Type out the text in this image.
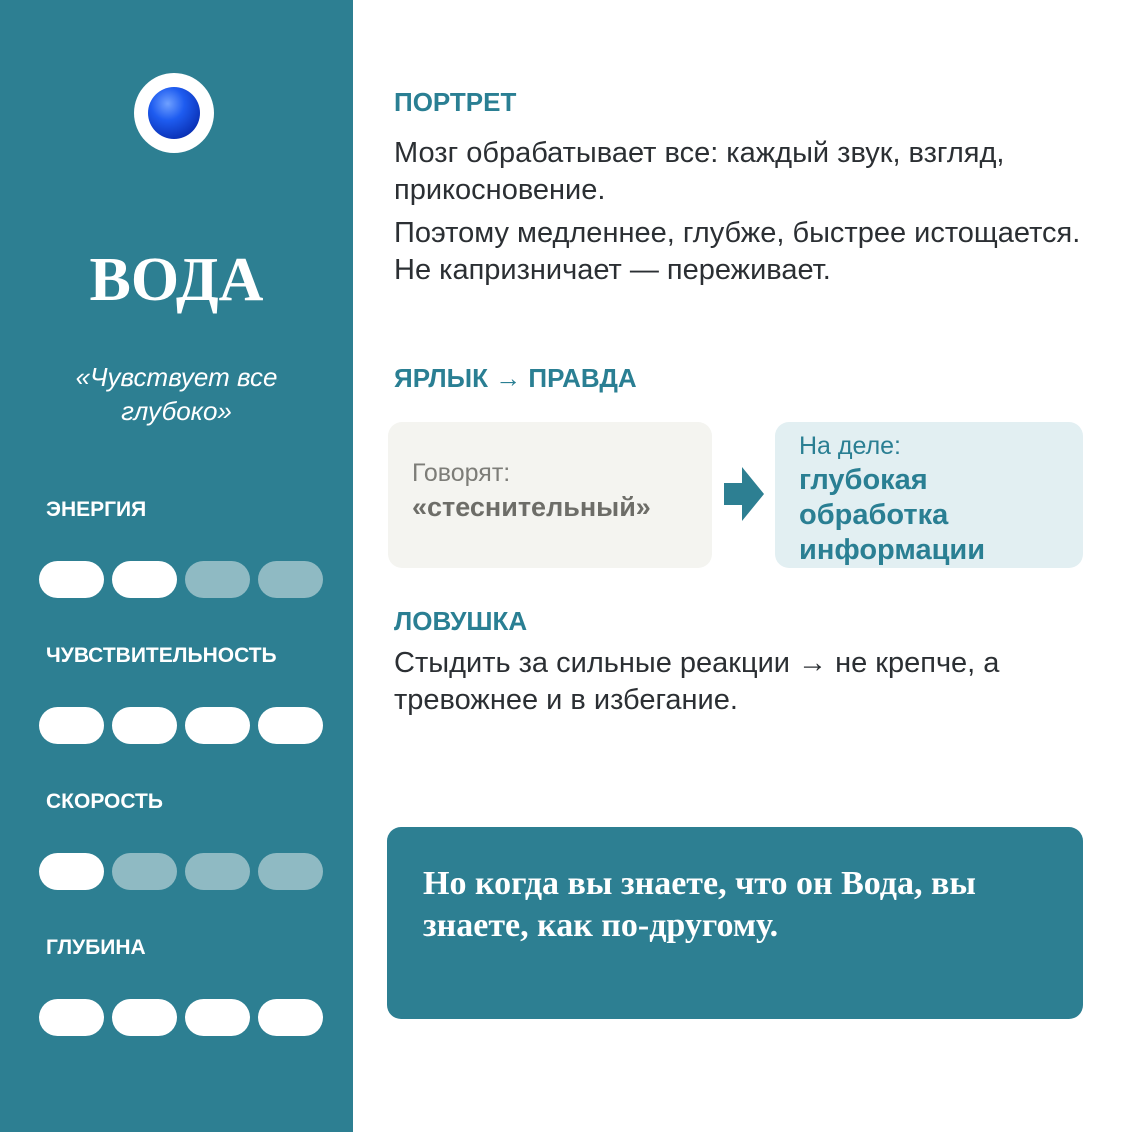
ВОДА
«Чувствует все глубоко»
ЭНЕРГИЯ
ЧУВСТВИТЕЛЬНОСТЬ
СКОРОСТЬ
ГЛУБИНА
ПОРТРЕТ
Мозг обрабатывает все: каждый звук, взгляд, прикосновение.
Поэтому медленнее, глубже, быстрее истощается. Не капризничает — переживает.
ЯРЛЫК → ПРАВДА
Говорят:
«стеснительный»
На деле:
глубокая обработка информации
ЛОВУШКА
Стыдить за сильные реакции → не крепче, а тревожнее и в избегание.
Но когда вы знаете, что он Вода, вы знаете, как по-другому.
